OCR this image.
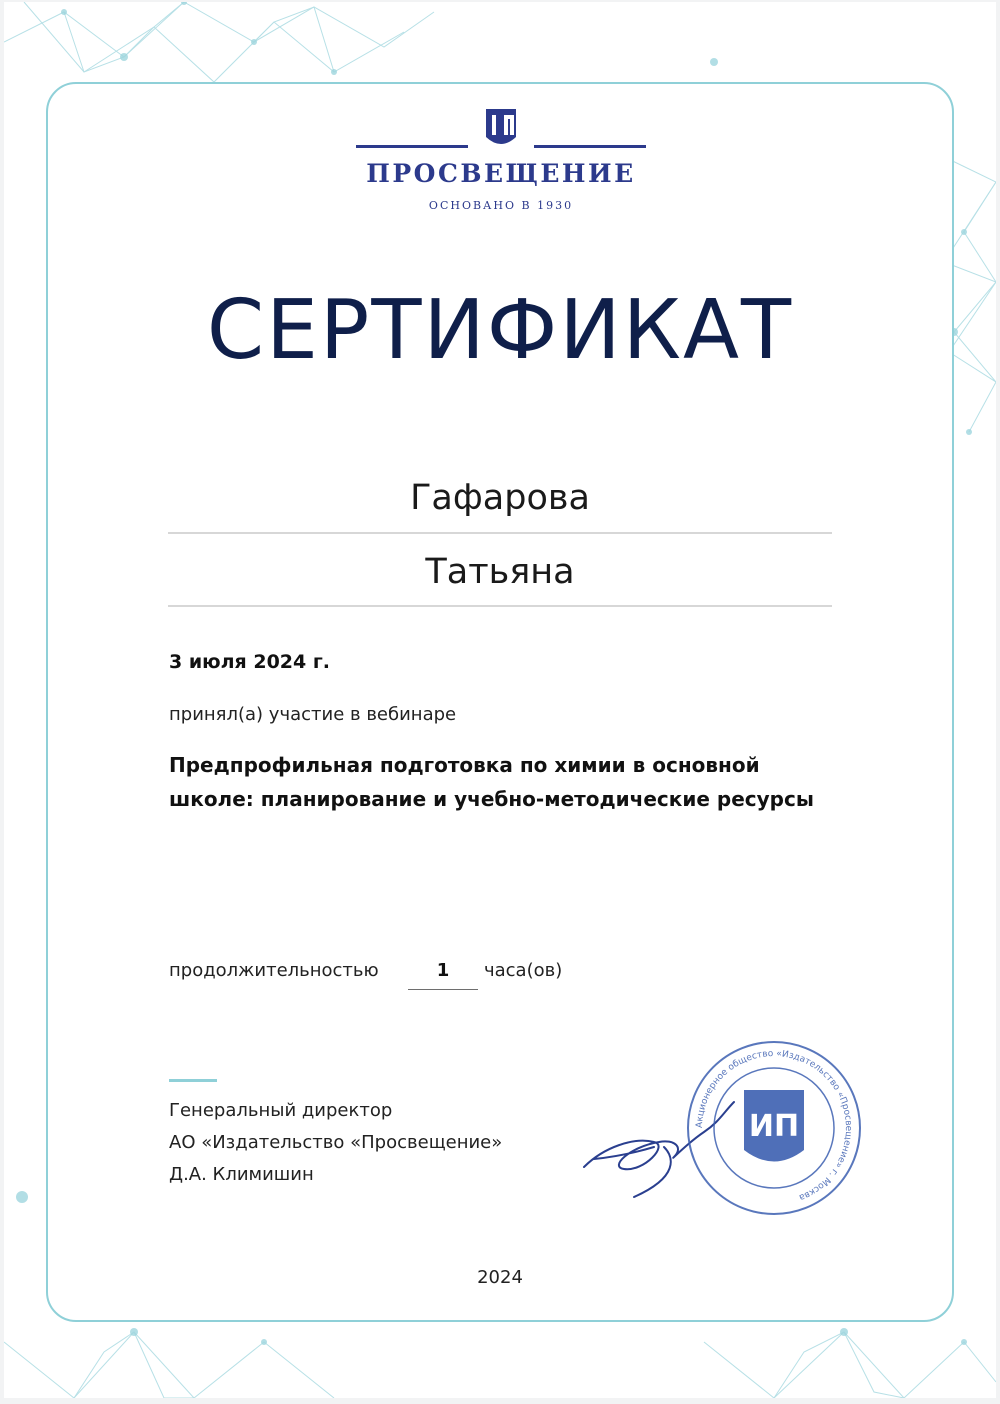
ПРОСВЕЩЕНИЕ
ОСНОВАНО В 1930
СЕРТИФИКАТ
Гафарова
Татьяна
3 июля 2024 г.
принял(а) участие в вебинаре
Предпрофильная подготовка по химии в основной школе: планирование и учебно-методические ресурсы
продолжительностью	1	часа(ов)
Генеральный директор
АО «Издательство «Просвещение»
Д.А. Климишин
Акционерное общество «Издательство «Просвещение» г. Москва
ИП
2024
